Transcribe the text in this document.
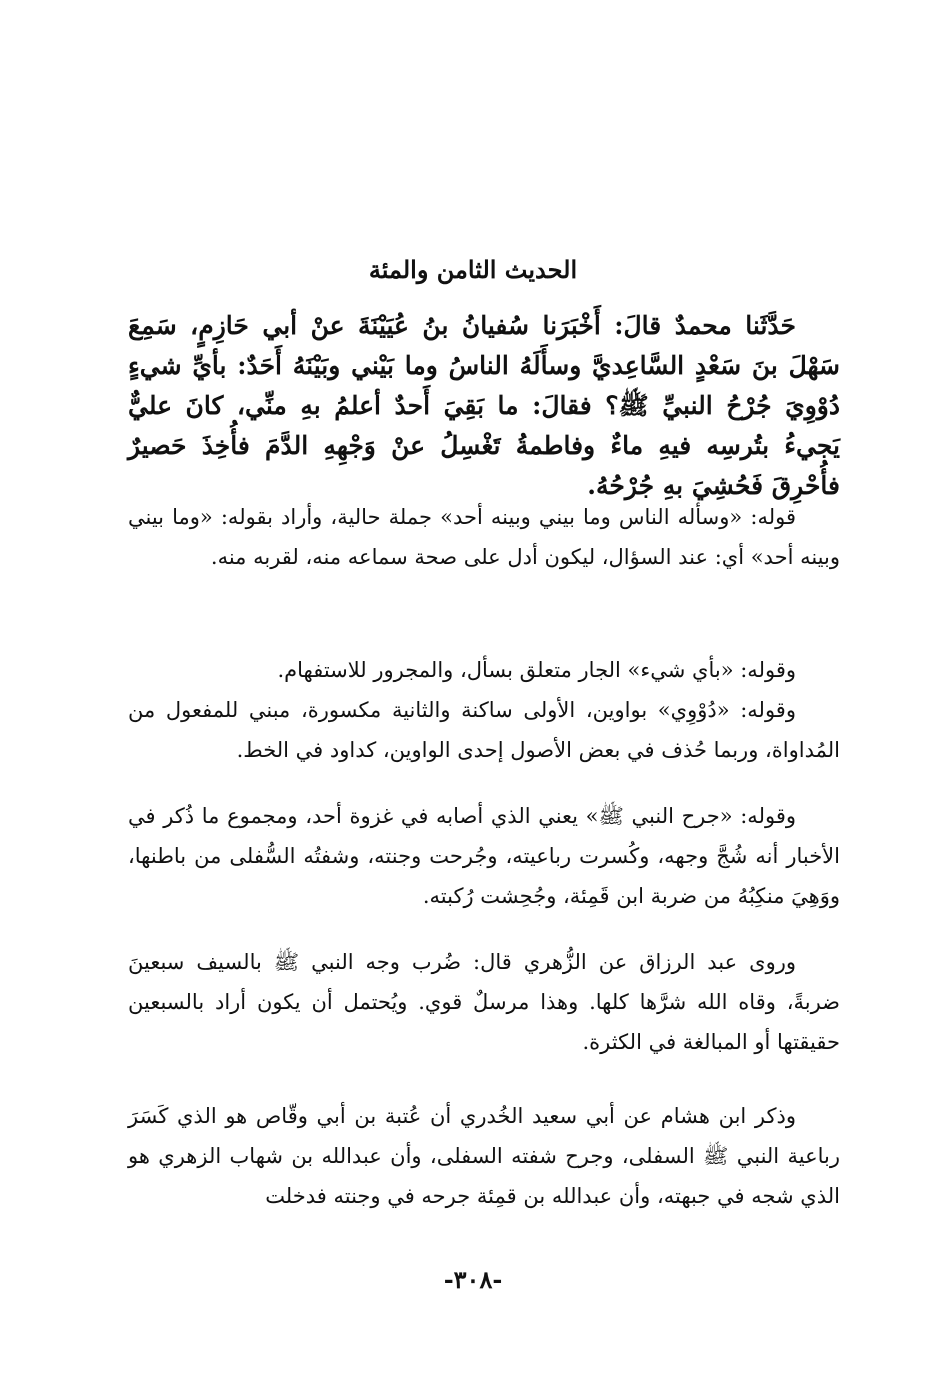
الحديث الثامن والمئة
حَدَّثَنا محمدٌ قالَ: أَخْبَرَنا سُفيانُ بنُ عُيَيْنَةَ عنْ أبي حَازِمٍ، سَمِعَ سَهْلَ بنَ سَعْدٍ السَّاعِديَّ وسأَلَهُ الناسُ وما بَيْني وبَيْنَهُ أَحَدٌ: بأيِّ شيءٍ دُوْوِيَ جُرْحُ النبيِّ ﷺ؟ فقالَ: ما بَقِيَ أَحدٌ أعلمُ بهِ منِّي، كانَ عليٌّ يَجيءُ بتُرسِه فيهِ ماءٌ وفاطمةُ تَغْسِلُ عنْ وَجْهِهِ الدَّمَ فأُخِذَ حَصيرٌ فأُحْرِقَ فَحُشِيَ بهِ جُرْحُهُ.
قوله: «وسأله الناس وما بيني وبينه أحد» جملة حالية، وأراد بقوله: «وما بيني وبينه أحد» أي: عند السؤال، ليكون أدل على صحة سماعه منه، لقربه منه.
وقوله: «بأي شيء» الجار متعلق بسأل، والمجرور للاستفهام.
وقوله: «دُوْوِي» بواوين، الأولى ساكنة والثانية مكسورة، مبني للمفعول من المُداواة، وربما حُذف في بعض الأصول إحدى الواوين، كداود في الخط.
وقوله: «جرح النبي ﷺ» يعني الذي أصابه في غزوة أحد، ومجموع ما ذُكر في الأخبار أنه شُجَّ وجهه، وكُسرت رباعيته، وجُرحت وجنته، وشفتُه السُّفلى من باطنها، ووَهِيَ منكِبُهُ من ضربة ابن قَمِئة، وجُحِشت رُكبته.
وروى عبد الرزاق عن الزُّهري قال: ضُرب وجه النبي ﷺ بالسيف سبعينَ ضربةً، وقاه الله شرَّها كلها. وهذا مرسلٌ قوي. ويُحتمل أن يكون أراد بالسبعين حقيقتها أو المبالغة في الكثرة.
وذكر ابن هشام عن أبي سعيد الخُدري أن عُتبة بن أبي وقّاص هو الذي كَسَرَ رباعية النبي ﷺ السفلى، وجرح شفته السفلى، وأن عبدالله بن شهاب الزهري هو الذي شجه في جبهته، وأن عبدالله بن قمِئة جرحه في وجنته فدخلت
-٣٠٨-
